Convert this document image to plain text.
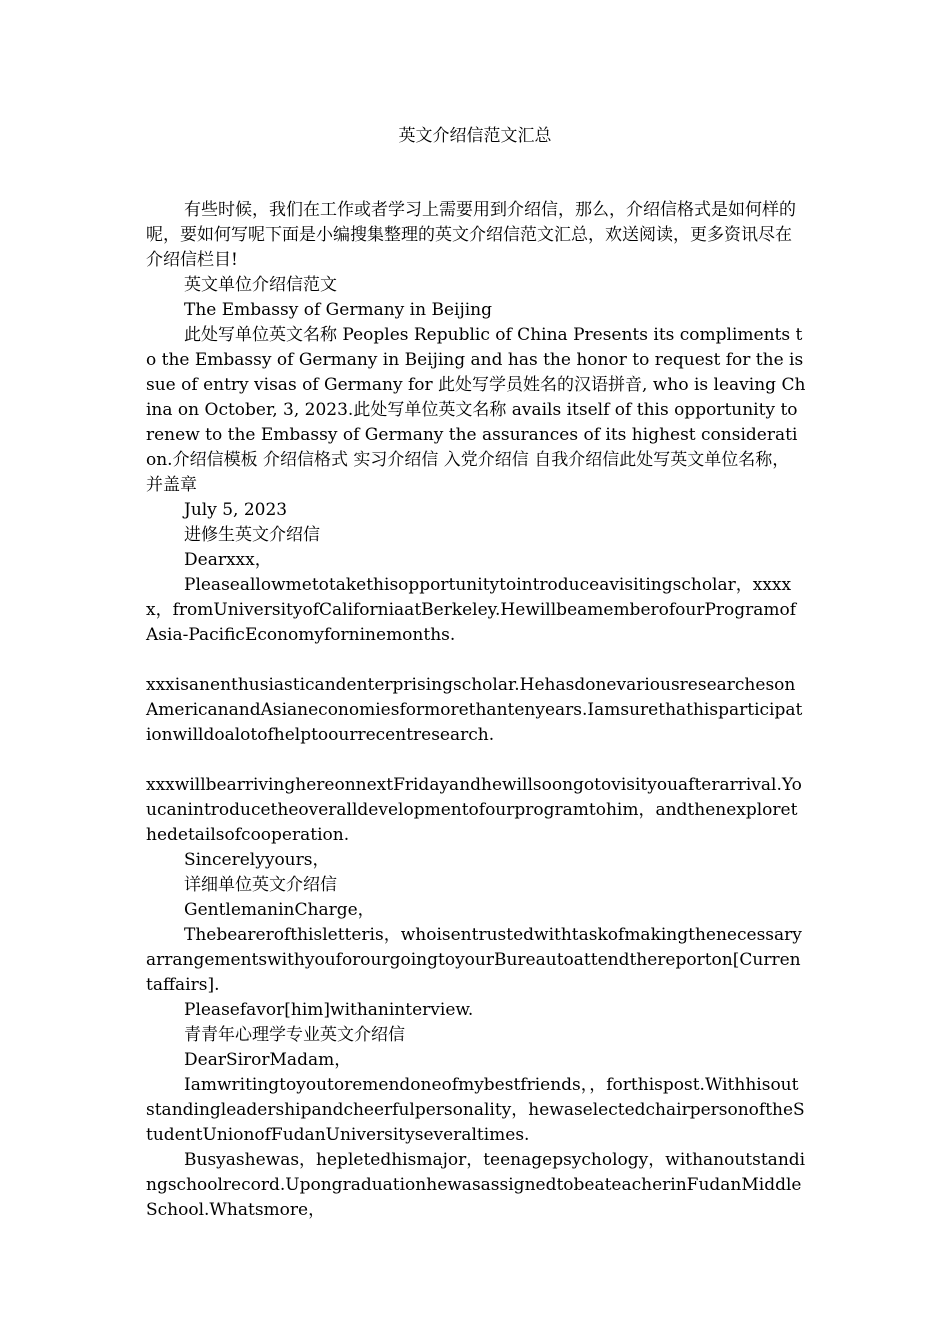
英文介绍信范文汇总

有些时候，我们在工作或者学习上需要用到介绍信，那么，介绍信格式是如何样的呢，要如何写呢下面是小编搜集整理的英文介绍信范文汇总，欢送阅读，更多资讯尽在介绍信栏目!

英文单位介绍信范文

The Embassy of Germany in Beijing

此处写单位英文名称 Peoples Republic of China Presents its compliments to the Embassy of Germany in Beijing and has the honor to request for the issue of entry visas of Germany for 此处写学员姓名的汉语拼音, who is leaving China on October, 3, 2023.此处写单位英文名称 avails itself of this opportunity to renew to the Embassy of Germany the assurances of its highest consideration.介绍信模板 介绍信格式 实习介绍信 入党介绍信 自我介绍信此处写英文单位名称，并盖章

July 5, 2023

进修生英文介绍信

Dearxxx，

Pleaseallowmetotakethisopportunitytointroduceavisitingscholar，xxxxx，fromUniversityofCaliforniaatBerkeley.HewillbeamemberofourProgramofAsia-PacificEconomyforninemonths.

xxxisanenthusiasticandenterprisingscholar.HehasdonevariousresearchesonAmericanandAsianeconomiesformorethantenyears.Iamsurethathisparticipationwilldoalotofhelptoourrecentresearch.

xxxwillbearrivinghereonnextFridayandhewillsoongotovisityouafterarrival.Youcanintroducetheoveralldevelopmentofourprogramtohim，andthenexplorethedetailsofcooperation.

Sincerelyyours，

详细单位英文介绍信

GentlemaninCharge，

Thebearerofthisletteris，whoisentrustedwithtaskofmakingthenecessaryarrangementswithyouforourgoingtoyourBureautoattendthereporton[Currentaffairs].

Pleasefavor[him]withaninterview.

青青年心理学专业英文介绍信

DearSirorMadam，

Iamwritingtoyoutoremendoneofmybestfriends，，forthispost.Withhisoutstandingleadershipandcheerfulpersonality，hewaselectedchairpersonoftheStudentUnionofFudanUniversityseveraltimes.

Busyashewas，hepletedhismajor，teenagepsychology，withanoutstandingschoolrecord.UpongraduationhewasassignedtobeateacherinFudanMiddleSchool.Whatsmore，
